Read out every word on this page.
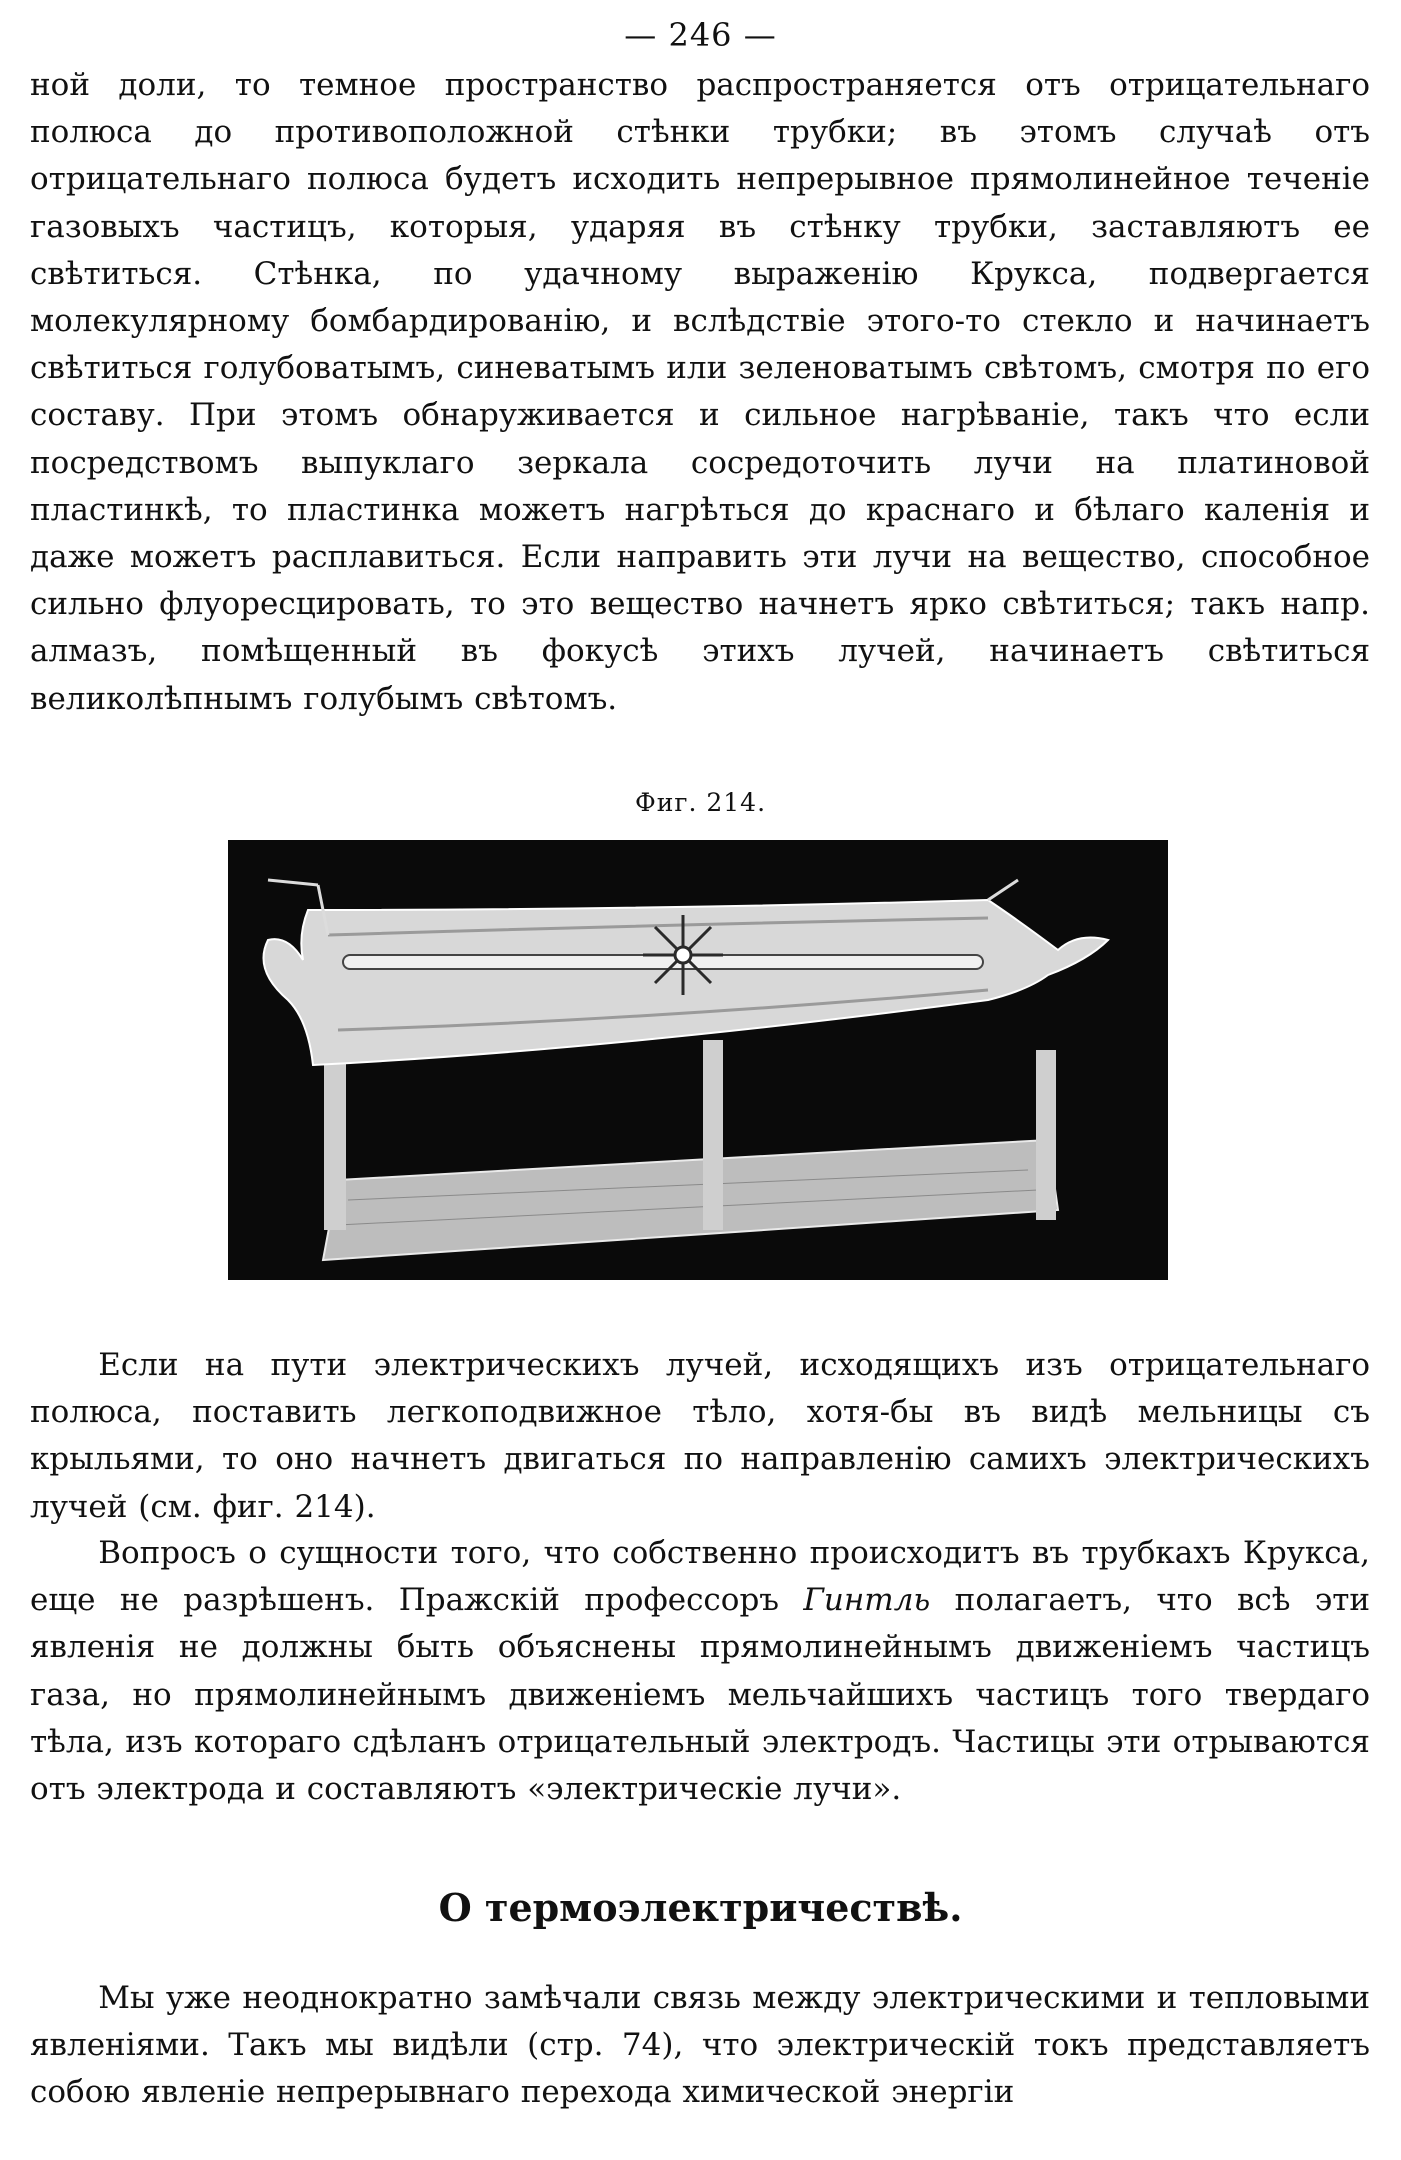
— 246 —

ной доли, то темное пространство распространяется отъ отрицательнаго полюса до противоположной стѣнки трубки; въ этомъ случаѣ отъ отрицательнаго полюса будетъ исходить непрерывное прямолинейное теченіе газовыхъ частицъ, которыя, ударяя въ стѣнку трубки, заставляютъ ее свѣтиться. Стѣнка, по удачному выраженію Крукса, подвергается молекулярному бомбардированію, и вслѣдствіе этого-то стекло и начинаетъ свѣтиться голубоватымъ, синеватымъ или зеленоватымъ свѣтомъ, смотря по его составу. При этомъ обнаруживается и сильное нагрѣваніе, такъ что если посредствомъ выпуклаго зеркала сосредоточить лучи на платиновой пластинкѣ, то пластинка можетъ нагрѣться до краснаго и бѣлаго каленія и даже можетъ расплавиться. Если направить эти лучи на вещество, способное сильно флуоресцировать, то это вещество начнетъ ярко свѣтиться; такъ напр. алмазъ, помѣщенный въ фокусѣ этихъ лучей, начинаетъ свѣтиться великолѣпнымъ голубымъ свѣтомъ.

Фиг. 214.

Если на пути электрическихъ лучей, исходящихъ изъ отрицательнаго полюса, поставить легкоподвижное тѣло, хотя-бы въ видѣ мельницы съ крыльями, то оно начнетъ двигаться по направленію самихъ электрическихъ лучей (см. фиг. 214).

Вопросъ о сущности того, что собственно происходитъ въ трубкахъ Крукса, еще не разрѣшенъ. Пражскій профессоръ Гинтль полагаетъ, что всѣ эти явленія не должны быть объяснены прямолинейнымъ движеніемъ частицъ газа, но прямолинейнымъ движеніемъ мельчайшихъ частицъ того твердаго тѣла, изъ котораго сдѣланъ отрицательный электродъ. Частицы эти отрываются отъ электрода и составляютъ «электрическіе лучи».

О термоэлектричествѣ.

Мы уже неоднократно замѣчали связь между электрическими и тепловыми явленіями. Такъ мы видѣли (стр. 74), что электрическій токъ представляетъ собою явленіе непрерывнаго перехода химической энергіи
